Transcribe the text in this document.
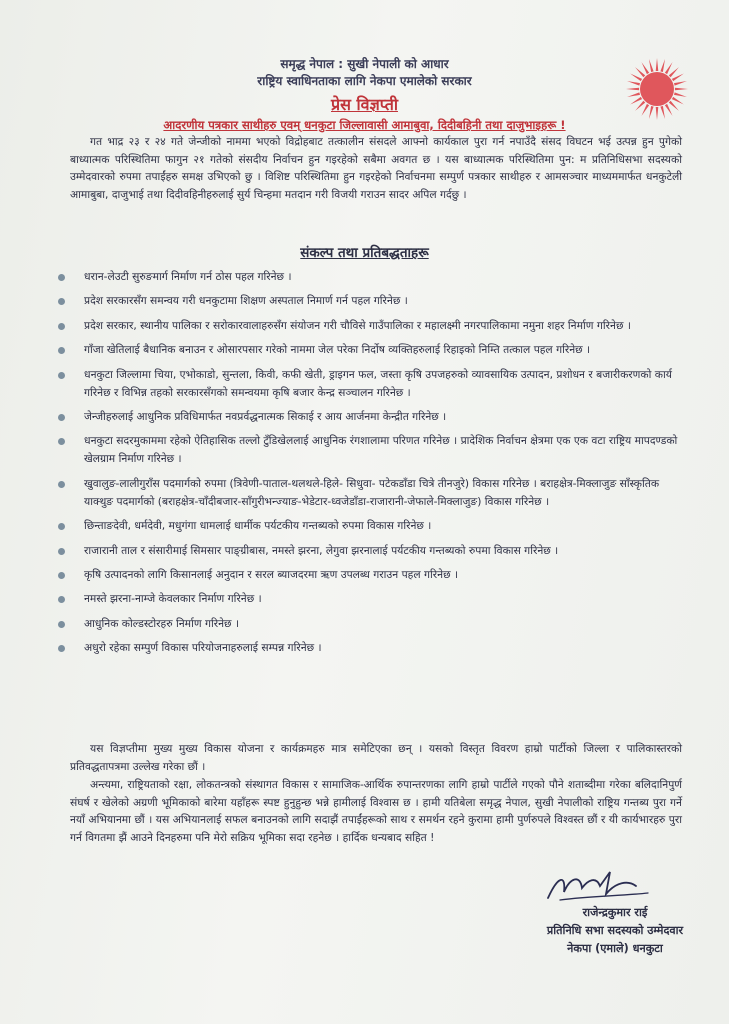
समृद्ध नेपाल : सुखी नेपाली को आधार
राष्ट्रिय स्वाधिनताका लागि नेकपा एमालेको सरकार
प्रेस विज्ञप्ती
आदरणीय पत्रकार साथीहरु एवम् धनकुटा जिल्लावासी आमाबुवा, दिदीबहिनी तथा दाजुभाइहरू !

गत भाद्र २३ र २४ गते जेन्जीको नाममा भएको विद्रोहबाट तत्कालीन संसदले आफ्नो कार्यकाल पुरा गर्न नपाउँदै संसद विघटन भई उत्पन्न हुन पुगेको बाध्यात्मक परिस्थितिमा फागुन २१ गतेको संसदीय निर्वाचन हुन गइरहेको सबैमा अवगत छ । यस बाध्यात्मक परिस्थितिमा पुन: म प्रतिनिधिसभा सदस्यको उम्मेदवारको रुपमा तपाईंहरु समक्ष उभिएको छु । विशिष्ट परिस्थितिमा हुन गइरहेको निर्वाचनमा सम्पुर्ण पत्रकार साथीहरु र आमसञ्चार माध्यममार्फत धनकुटेली आमाबुबा, दाजुभाई तथा दिदीवहिनीहरुलाई सुर्य चिन्हमा मतदान गरी विजयी गराउन सादर अपिल गर्दछु ।

संकल्प तथा प्रतिबद्धताहरू
धरान-लेउटी सुरुङमार्ग निर्माण गर्न ठोस पहल गरिनेछ ।
प्रदेश सरकारसँग समन्वय गरी धनकुटामा शिक्षण अस्पताल निमार्ण गर्न पहल गरिनेछ ।
प्रदेश सरकार, स्थानीय पालिका र सरोकारवालाहरुसँग संयोजन गरी चौविसे गाउँपालिका र महालक्ष्मी नगरपालिकामा नमुना शहर निर्माण गरिनेछ ।
गाँजा खेतिलाई बैधानिक बनाउन र ओसारपसार गरेको नाममा जेल परेका निर्दोष व्यक्तिहरुलाई रिहाइको निम्ति तत्काल पहल गरिनेछ ।
धनकुटा जिल्लामा चिया, एभोकाडो, सुन्तला, किवी, कफी खेती, ड्राइगन फल, जस्ता कृषि उपजहरुको व्यावसायिक उत्पादन, प्रशोधन र बजारीकरणको कार्य गरिनेछ र विभिन्न तहको सरकारसँगको समन्वयमा कृषि बजार केन्द्र सञ्चालन गरिनेछ ।
जेन्जीहरुलाई आधुनिक प्रविधिमार्फत नवप्रर्वद्धनात्मक सिकाई र आय आर्जनमा केन्द्रीत गरिनेछ ।
धनकुटा सदरमुकाममा रहेको ऐतिहासिक तल्लो टुँडिखेललाई आधुनिक रंगशालामा परिणत गरिनेछ । प्रादेशिक निर्वाचन क्षेत्रमा एक एक वटा राष्ट्रिय मापदण्डको खेलग्राम निर्माण गरिनेछ ।
खुवालुङ-लालीगुराँस पदमार्गको रुपमा (त्रिवेणी-पाताल-थलथले-हिले- सिधुवा- पटेकडाँडा चित्रे तीनजुरे) विकास गरिनेछ । बराहक्षेत्र-मिक्लाजुङ साँस्कृतिक याक्थुङ पदमार्गको (बराहक्षेत्र-चाँदीबजार-साँगुरीभन्ज्याङ-भेडेटार-ध्वजेडाँडा-राजारानी-जेफाले-मिक्लाजुङ) विकास गरिनेछ ।
छिन्ताङदेवी, धर्मदेवी, मधुगंगा धामलाई धार्मीक पर्यटकीय गन्तब्यको रुपमा विकास गरिनेछ ।
राजारानी ताल र संसारीमाई सिमसार पाङ्ग्रीबास, नमस्ते झरना, लेगुवा झरनालाई पर्यटकीय गन्तब्यको रुपमा विकास गरिनेछ ।
कृषि उत्पादनको लागि किसानलाई अनुदान र सरल ब्याजदरमा ऋण उपलब्ध गराउन पहल गरिनेछ ।
नमस्ते झरना-नाम्जे केवलकार निर्माण गरिनेछ ।
आधुनिक कोल्डस्टोरहरु निर्माण गरिनेछ ।
अधुरो रहेका सम्पुर्ण विकास परियोजनाहरुलाई सम्पन्न गरिनेछ ।

यस विज्ञप्तीमा मुख्य मुख्य विकास योजना र कार्यक्रमहरु मात्र समेटिएका छन् । यसको विस्तृत विवरण हाम्रो पार्टीको जिल्ला र पालिकास्तरको प्रतिवद्धतापत्रमा उल्लेख गरेका छौं ।

अन्त्यमा, राष्ट्रियताको रक्षा, लोकतन्त्रको संस्थागत विकास र सामाजिक-आर्थिक रुपान्तरणका लागि हाम्रो पार्टीले गएको पौने शताब्दीमा गरेका बलिदानिपुर्ण संघर्ष र खेलेको अग्रणी भूमिकाको बारेमा यहाँहरू स्पष्ट हुनुहुन्छ भन्ने हामीलाई विश्वास छ । हामी यतिबेला समृद्ध नेपाल, सुखी नेपालीको राष्ट्रिय गन्तब्य पुरा गर्ने नयाँ अभियानमा छौं । यस अभियानलाई सफल बनाउनको लागि सदाझैं तपाईंहरूको साथ र समर्थन रहने कुरामा हामी पुर्णरुपले विश्वस्त छौं र यी कार्यभारहरु पुरा गर्न विगतमा झैं आउने दिनहरुमा पनि मेरो सक्रिय भूमिका सदा रहनेछ । हार्दिक धन्यबाद सहित !

राजेन्द्रकुमार राई
प्रतिनिधि सभा सदस्यको उम्मेदवार
नेकपा (एमाले) धनकुटा
